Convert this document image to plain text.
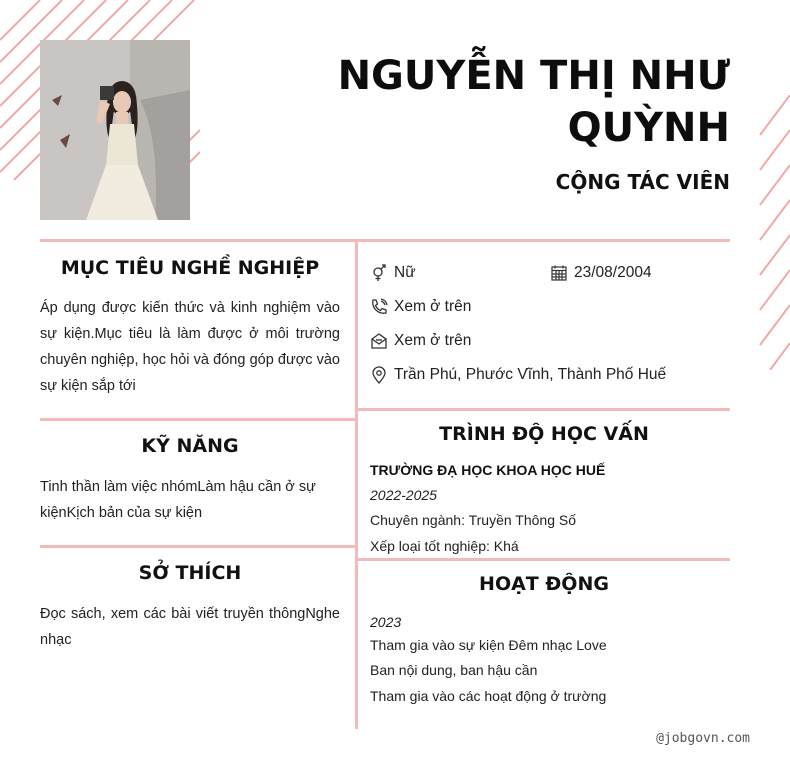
NGUYỄN THỊ NHƯ QUỲNH
CỘNG TÁC VIÊN
MỤC TIÊU NGHỀ NGHIỆP
Áp dụng được kiến thức và kinh nghiệm vào sự kiện.Mục tiêu là làm được ở môi trường chuyên nghiệp, học hỏi và đóng góp được vào sự kiện sắp tới
KỸ NĂNG
Tinh thần làm việc nhómLàm hậu cần ở sự kiệnKịch bản của sự kiện
SỞ THÍCH
Đọc sách, xem các bài viết truyền thôngNghe nhạc
Nữ	23/08/2004
Xem ở trên
Xem ở trên
Trần Phú, Phước Vĩnh, Thành Phố Huế
TRÌNH ĐỘ HỌC VẤN
TRƯỜNG ĐẠ HỌC KHOA HỌC HUẾ
2022-2025
Chuyên ngành: Truyền Thông Số
Xếp loại tốt nghiệp: Khá
HOẠT ĐỘNG
2023
Tham gia vào sự kiện Đêm nhạc Love
Ban nội dung, ban hậu cần
Tham gia vào các hoạt động ở trường
@jobgovn.com
